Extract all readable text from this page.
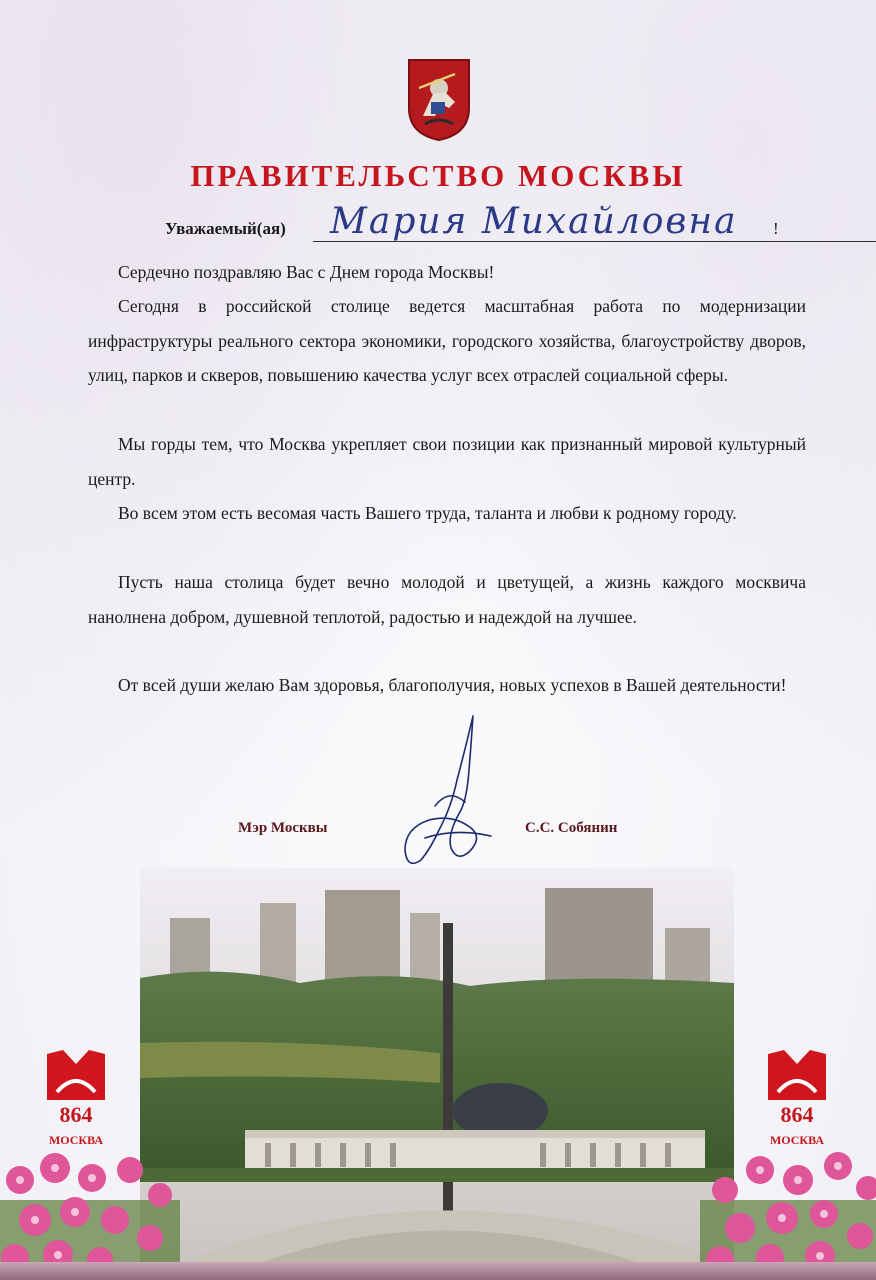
ПРАВИТЕЛЬСТВО МОСКВЫ
Уважаемый(ая) Мария Михайловна !

Сердечно поздравляю Вас с Днем города Москвы!

Сегодня в российской столице ведется масштабная работа по модернизации инфраструктуры реального сектора экономики, городского хозяйства, благоустройству дворов, улиц, парков и скверов, повышению качества услуг всех отраслей социальной сферы.

Мы горды тем, что Москва укрепляет свои позиции как признанный мировой культурный центр.

Во всем этом есть весомая часть Вашего труда, таланта и любви к родному городу.

Пусть наша столица будет вечно молодой и цветущей, а жизнь каждого москвича нанолнена добром, душевной теплотой, радостью и надеждой на лучшее.

От всей души желаю Вам здоровья, благополучия, новых успехов в Вашей деятельности!

Мэр Москвы	С.С. Собянин
864
МОСКВА
864
МОСКВА
